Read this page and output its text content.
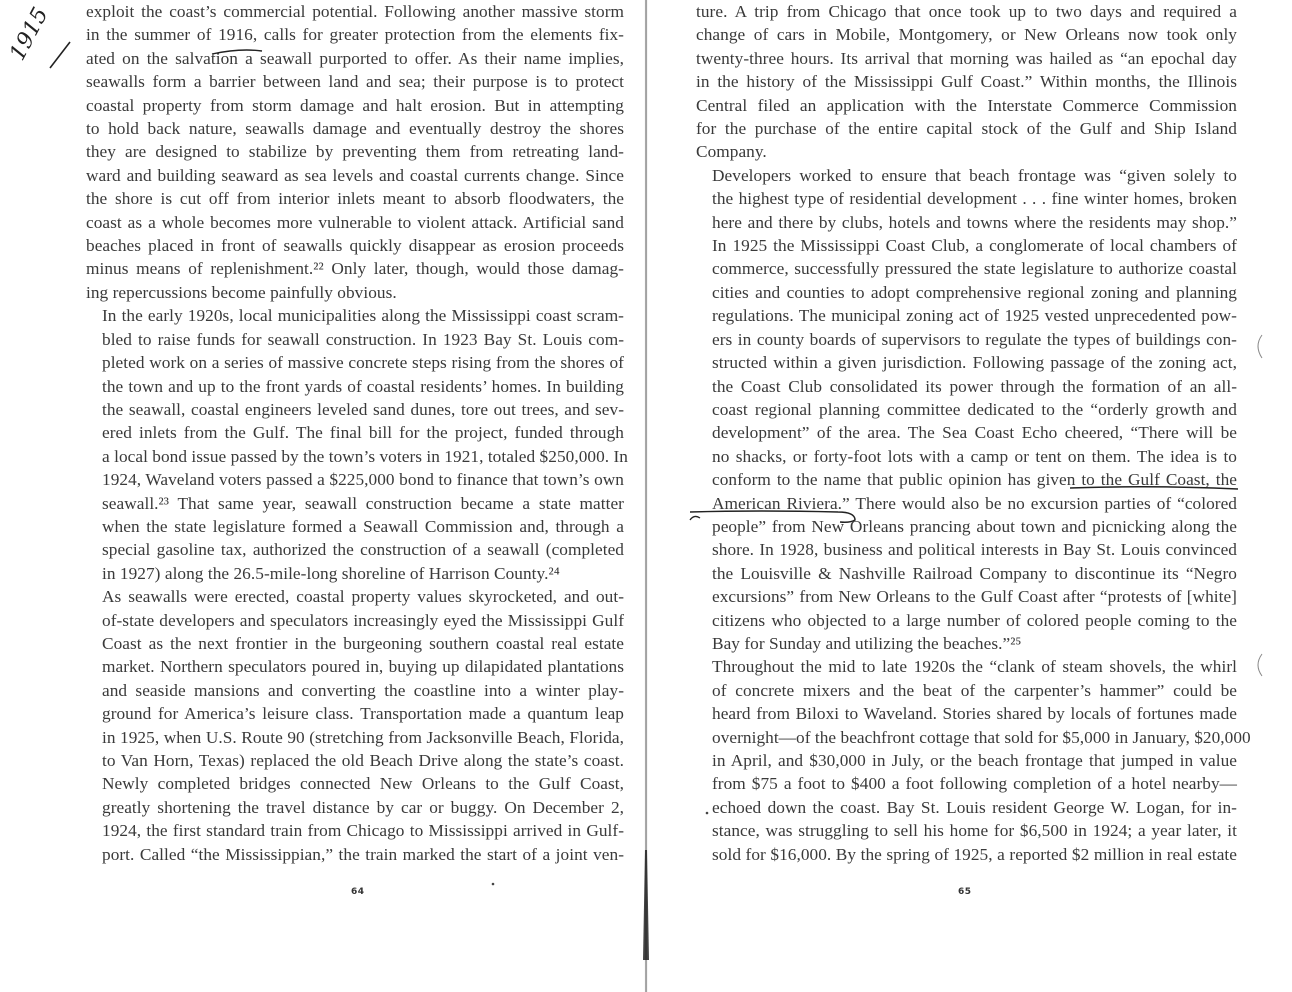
exploit the coast’s commercial potential. Following another massive storm
in the summer of 1916, calls for greater protection from the elements fix-
ated on the salvation a seawall purported to offer. As their name implies,
seawalls form a barrier between land and sea; their purpose is to protect
coastal property from storm damage and halt erosion. But in attempting
to hold back nature, seawalls damage and eventually destroy the shores
they are designed to stabilize by preventing them from retreating land-
ward and building seaward as sea levels and coastal currents change. Since
the shore is cut off from interior inlets meant to absorb floodwaters, the
coast as a whole becomes more vulnerable to violent attack. Artificial sand
beaches placed in front of seawalls quickly disappear as erosion proceeds
minus means of replenishment.²² Only later, though, would those damag-
ing repercussions become painfully obvious.

In the early 1920s, local municipalities along the Mississippi coast scram-
bled to raise funds for seawall construction. In 1923 Bay St. Louis com-
pleted work on a series of massive concrete steps rising from the shores of
the town and up to the front yards of coastal residents’ homes. In building
the seawall, coastal engineers leveled sand dunes, tore out trees, and sev-
ered inlets from the Gulf. The final bill for the project, funded through
a local bond issue passed by the town’s voters in 1921, totaled $250,000. In
1924, Waveland voters passed a $225,000 bond to finance that town’s own
seawall.²³ That same year, seawall construction became a state matter
when the state legislature formed a Seawall Commission and, through a
special gasoline tax, authorized the construction of a seawall (completed
in 1927) along the 26.5-mile-long shoreline of Harrison County.²⁴

As seawalls were erected, coastal property values skyrocketed, and out-
of-state developers and speculators increasingly eyed the Mississippi Gulf
Coast as the next frontier in the burgeoning southern coastal real estate
market. Northern speculators poured in, buying up dilapidated plantations
and seaside mansions and converting the coastline into a winter play-
ground for America’s leisure class. Transportation made a quantum leap
in 1925, when U.S. Route 90 (stretching from Jacksonville Beach, Florida,
to Van Horn, Texas) replaced the old Beach Drive along the state’s coast.
Newly completed bridges connected New Orleans to the Gulf Coast,
greatly shortening the travel distance by car or buggy. On December 2,
1924, the first standard train from Chicago to Mississippi arrived in Gulf-
port. Called “the Mississippian,” the train marked the start of a joint ven-

64

ture. A trip from Chicago that once took up to two days and required a
change of cars in Mobile, Montgomery, or New Orleans now took only
twenty-three hours. Its arrival that morning was hailed as “an epochal day
in the history of the Mississippi Gulf Coast.” Within months, the Illinois
Central filed an application with the Interstate Commerce Commission
for the purchase of the entire capital stock of the Gulf and Ship Island
Company.

Developers worked to ensure that beach frontage was “given solely to
the highest type of residential development . . . fine winter homes, broken
here and there by clubs, hotels and towns where the residents may shop.”
In 1925 the Mississippi Coast Club, a conglomerate of local chambers of
commerce, successfully pressured the state legislature to authorize coastal
cities and counties to adopt comprehensive regional zoning and planning
regulations. The municipal zoning act of 1925 vested unprecedented pow-
ers in county boards of supervisors to regulate the types of buildings con-
structed within a given jurisdiction. Following passage of the zoning act,
the Coast Club consolidated its power through the formation of an all-
coast regional planning committee dedicated to the “orderly growth and
development” of the area. The Sea Coast Echo cheered, “There will be
no shacks, or forty-foot lots with a camp or tent on them. The idea is to
conform to the name that public opinion has given to the Gulf Coast, the
American Riviera.” There would also be no excursion parties of “colored
people” from New Orleans prancing about town and picnicking along the
shore. In 1928, business and political interests in Bay St. Louis convinced
the Louisville & Nashville Railroad Company to discontinue its “Negro
excursions” from New Orleans to the Gulf Coast after “protests of [white]
citizens who objected to a large number of colored people coming to the
Bay for Sunday and utilizing the beaches.”²⁵

Throughout the mid to late 1920s the “clank of steam shovels, the whirl
of concrete mixers and the beat of the carpenter’s hammer” could be
heard from Biloxi to Waveland. Stories shared by locals of fortunes made
overnight—of the beachfront cottage that sold for $5,000 in January, $20,000
in April, and $30,000 in July, or the beach frontage that jumped in value
from $75 a foot to $400 a foot following completion of a hotel nearby—
echoed down the coast. Bay St. Louis resident George W. Logan, for in-
stance, was struggling to sell his home for $6,500 in 1924; a year later, it
sold for $16,000. By the spring of 1925, a reported $2 million in real estate

65
1915
